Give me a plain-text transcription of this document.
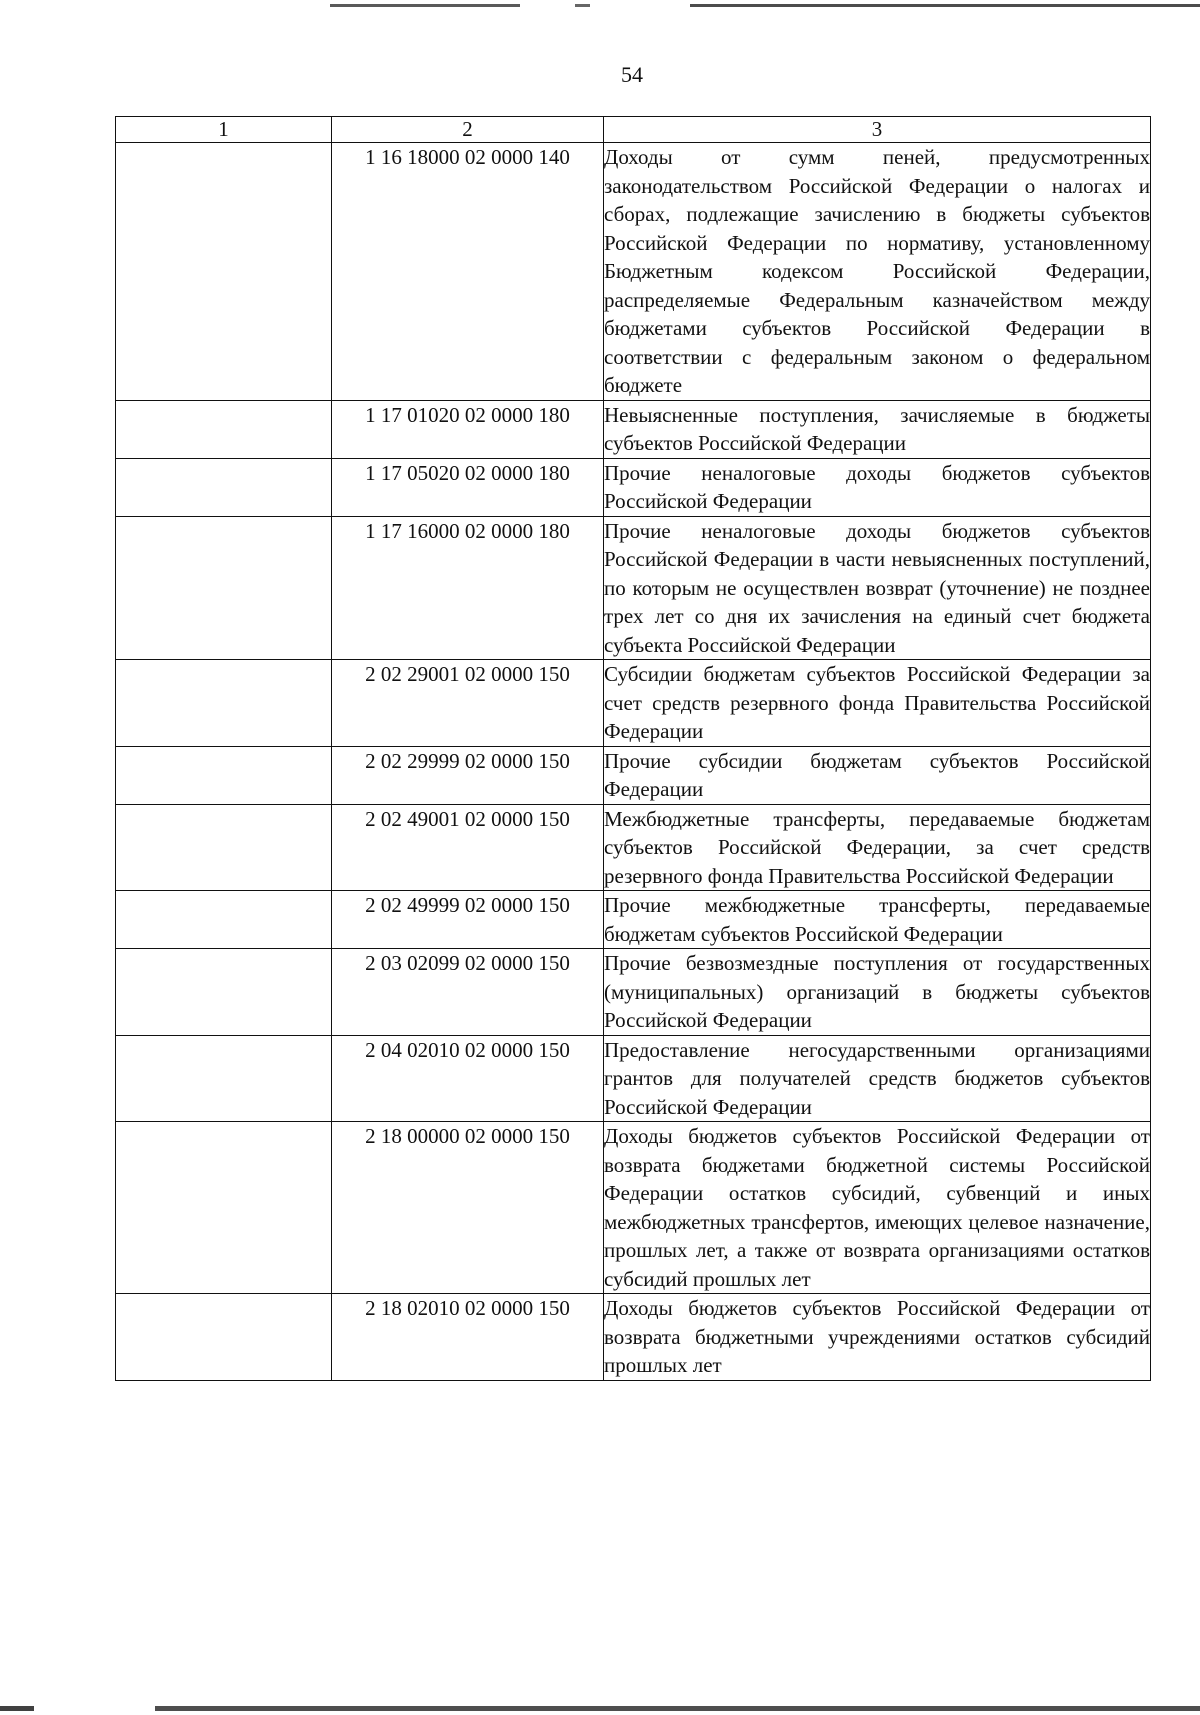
54
1	2	3
	1 16 18000 02 0000 140	Доходы от сумм пеней, предусмотренных законодательством Российской Федерации о налогах и сборах, подлежащие зачислению в бюджеты субъектов Российской Федерации по нормативу, установленному Бюджетным кодексом Российской Федерации, распределяемые Федеральным казначейством между бюджетами субъектов Российской Федерации в соответствии с федеральным законом о федеральном бюджете
	1 17 01020 02 0000 180	Невыясненные поступления, зачисляемые в бюджеты субъектов Российской Федерации
	1 17 05020 02 0000 180	Прочие неналоговые доходы бюджетов субъектов Российской Федерации
	1 17 16000 02 0000 180	Прочие неналоговые доходы бюджетов субъектов Российской Федерации в части невыясненных поступлений, по которым не осуществлен возврат (уточнение) не позднее трех лет со дня их зачисления на единый счет бюджета субъекта Российской Федерации
	2 02 29001 02 0000 150	Субсидии бюджетам субъектов Российской Федерации за счет средств резервного фонда Правительства Российской Федерации
	2 02 29999 02 0000 150	Прочие субсидии бюджетам субъектов Российской Федерации
	2 02 49001 02 0000 150	Межбюджетные трансферты, передаваемые бюджетам субъектов Российской Федерации, за счет средств резервного фонда Правительства Российской Федерации
	2 02 49999 02 0000 150	Прочие межбюджетные трансферты, передаваемые бюджетам субъектов Российской Федерации
	2 03 02099 02 0000 150	Прочие безвозмездные поступления от государственных (муниципальных) организаций в бюджеты субъектов Российской Федерации
	2 04 02010 02 0000 150	Предоставление негосударственными организациями грантов для получателей средств бюджетов субъектов Российской Федерации
	2 18 00000 02 0000 150	Доходы бюджетов субъектов Российской Федерации от возврата бюджетами бюджетной системы Российской Федерации остатков субсидий, субвенций и иных межбюджетных трансфертов, имеющих целевое назначение, прошлых лет, а также от возврата организациями остатков субсидий прошлых лет
	2 18 02010 02 0000 150	Доходы бюджетов субъектов Российской Федерации от возврата бюджетными учреждениями остатков субсидий прошлых лет
